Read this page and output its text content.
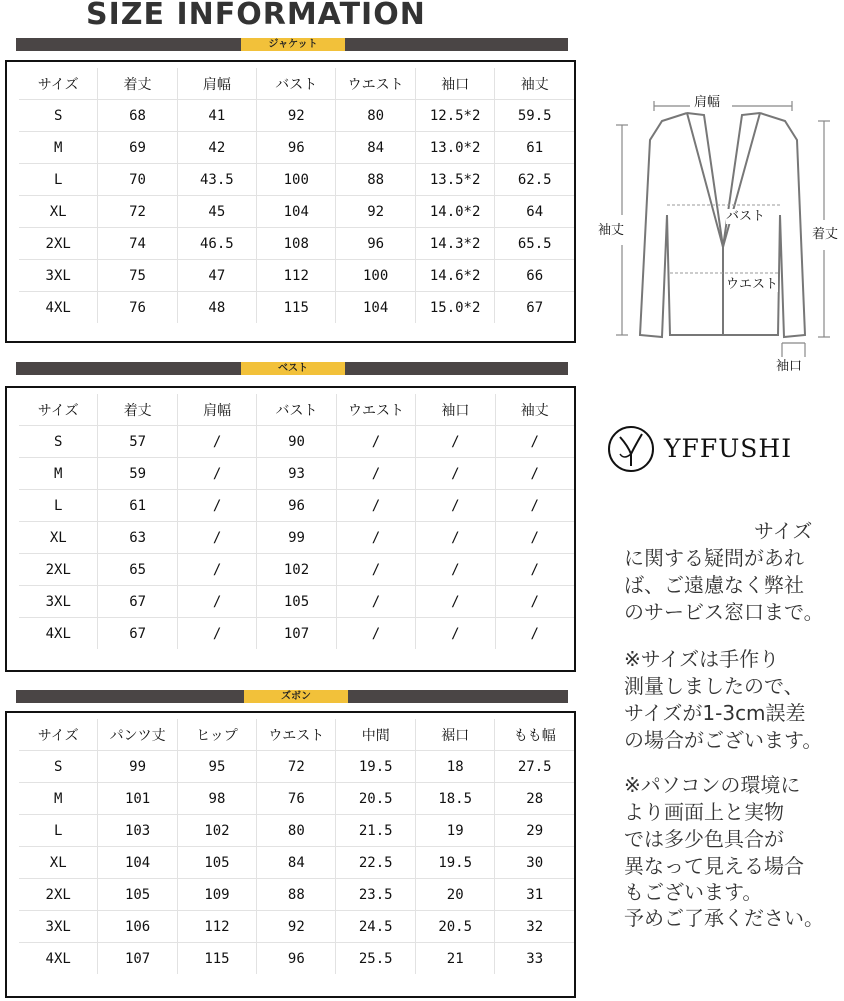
SIZE INFORMATION
ジャケット
サイズ	着丈	肩幅	バスト	ウエスト	袖口	袖丈
S	68	41	92	80	12.5*2	59.5
M	69	42	96	84	13.0*2	61
L	70	43.5	100	88	13.5*2	62.5
XL	72	45	104	92	14.0*2	64
2XL	74	46.5	108	96	14.3*2	65.5
3XL	75	47	112	100	14.6*2	66
4XL	76	48	115	104	15.0*2	67
ベスト
サイズ	着丈	肩幅	バスト	ウエスト	袖口	袖丈
S	57	/	90	/	/	/
M	59	/	93	/	/	/
L	61	/	96	/	/	/
XL	63	/	99	/	/	/
2XL	65	/	102	/	/	/
3XL	67	/	105	/	/	/
4XL	67	/	107	/	/	/
ズボン
サイズ	パンツ丈	ヒップ	ウエスト	中間	裾口	もも幅
S	99	95	72	19.5	18	27.5
M	101	98	76	20.5	18.5	28
L	103	102	80	21.5	19	29
XL	104	105	84	22.5	19.5	30
2XL	105	109	88	23.5	20	31
3XL	106	112	92	24.5	20.5	32
4XL	107	115	96	25.5	21	33
肩幅
袖丈	着丈
バスト
ウエスト
袖口
YFFUSHI
サイズ
に関する疑問があれ
ば、ご遠慮なく弊社
のサービス窓口まで。
※サイズは手作り
測量しましたので、
サイズが1-3cm誤差
の場合がございます。
※パソコンの環境に
より画面上と実物
では多少色具合が
異なって見える場合
もございます。
予めご了承ください。
